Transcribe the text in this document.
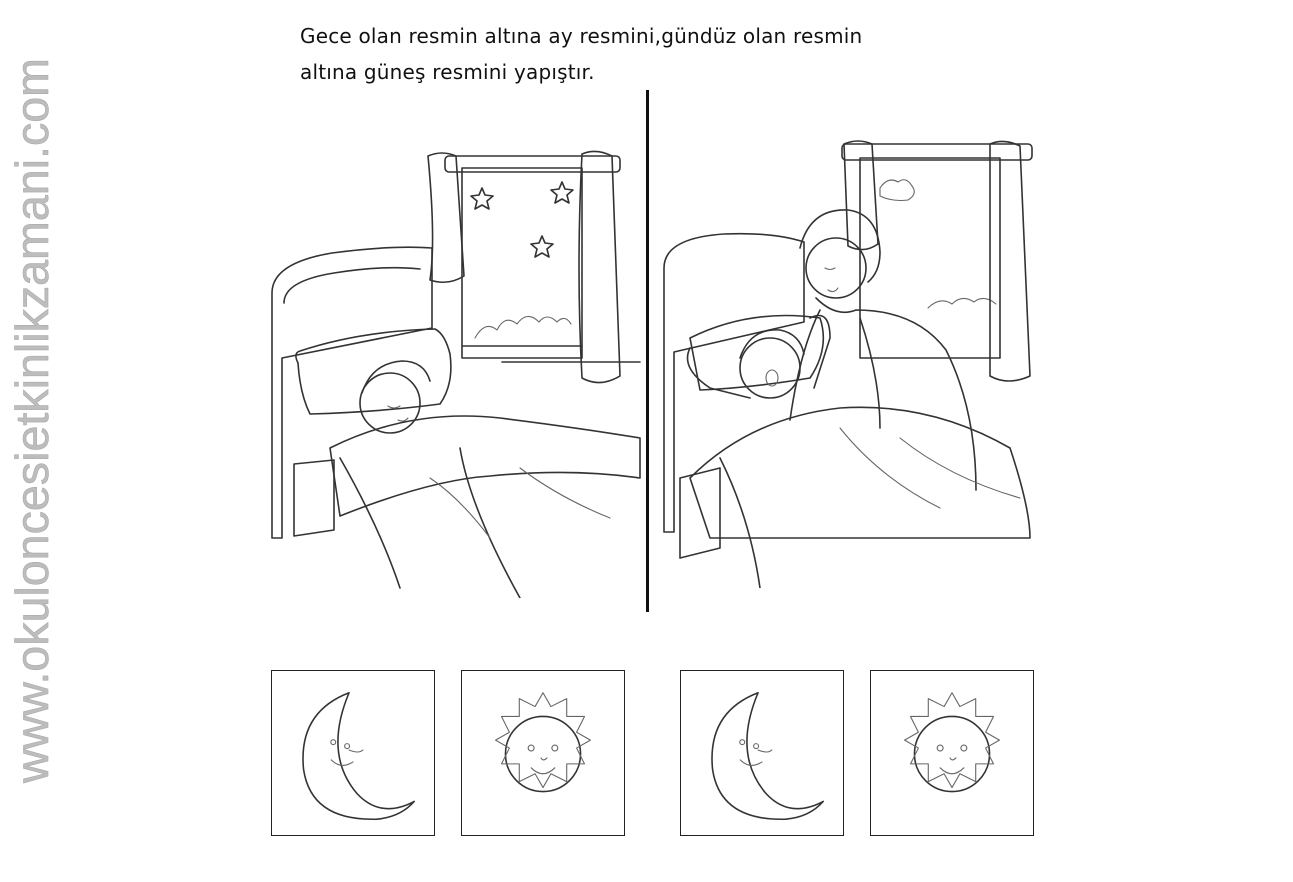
www.okuloncesietkinlikzamani.com
Gece olan resmin altına ay resmini,gündüz olan resmin
altına güneş resmini yapıştır.
